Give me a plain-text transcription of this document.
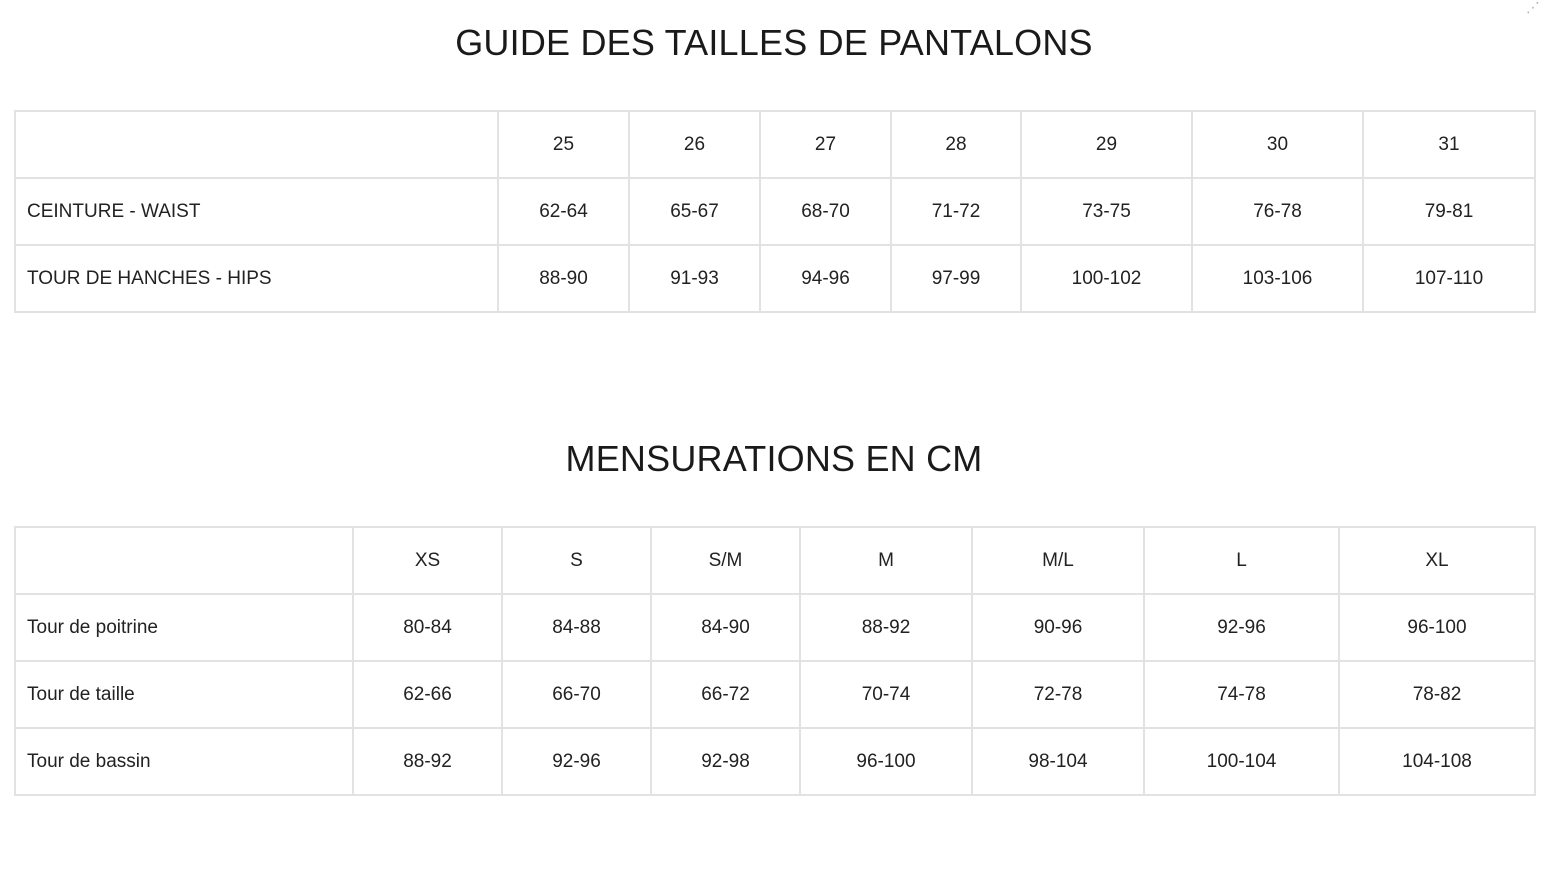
GUIDE DES TAILLES DE PANTALONS
	25	26	27	28	29	30	31
CEINTURE - WAIST	62-64	65-67	68-70	71-72	73-75	76-78	79-81
TOUR DE HANCHES - HIPS	88-90	91-93	94-96	97-99	100-102	103-106	107-110
MENSURATIONS EN CM
	XS	S	S/M	M	M/L	L	XL
Tour de poitrine	80-84	84-88	84-90	88-92	90-96	92-96	96-100
Tour de taille	62-66	66-70	66-72	70-74	72-78	74-78	78-82
Tour de bassin	88-92	92-96	92-98	96-100	98-104	100-104	104-108
⋰
